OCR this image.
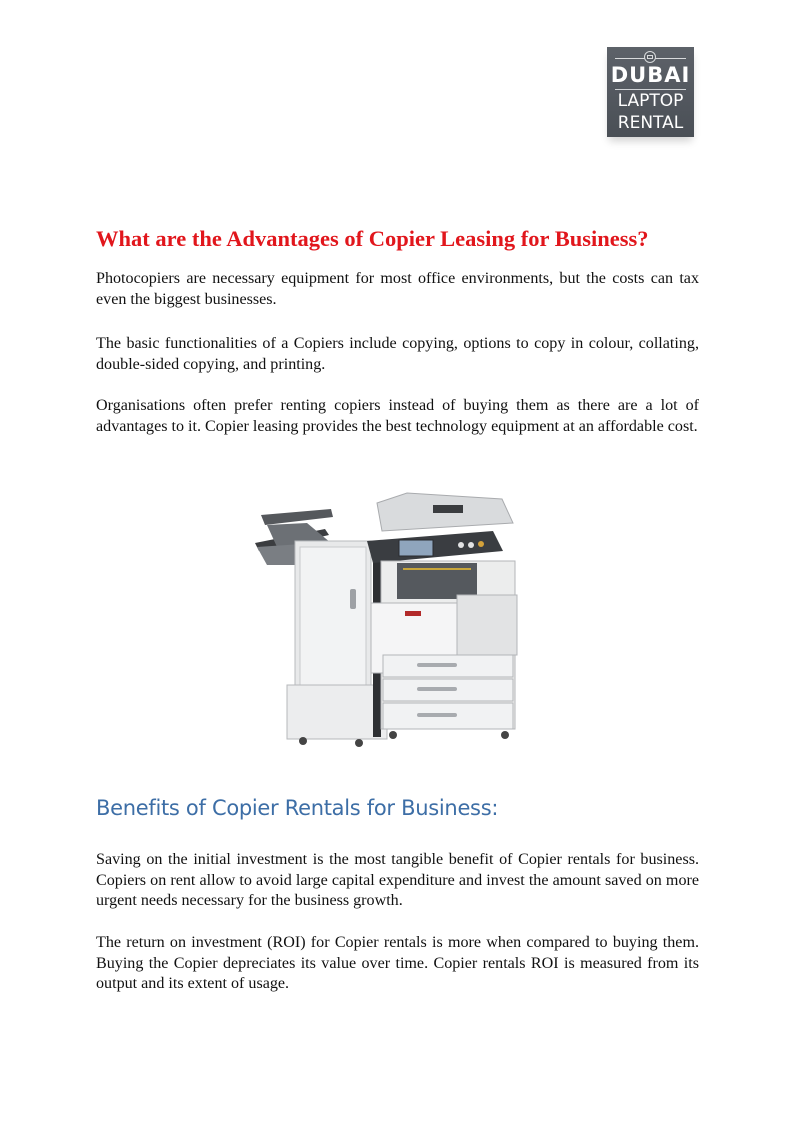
DUBAI
LAPTOP
RENTAL
What are the Advantages of Copier Leasing for Business?

Photocopiers are necessary equipment for most office environments, but the costs can tax even the biggest businesses.

The basic functionalities of a Copiers include copying, options to copy in colour, collating, double-sided copying, and printing.

Organisations often prefer renting copiers instead of buying them as there are a lot of advantages to it. Copier leasing provides the best technology equipment at an affordable cost.

Benefits of Copier Rentals for Business:

Saving on the initial investment is the most tangible benefit of Copier rentals for business. Copiers on rent allow to avoid large capital expenditure and invest the amount saved on more urgent needs necessary for the business growth.

The return on investment (ROI) for Copier rentals is more when compared to buying them. Buying the Copier depreciates its value over time. Copier rentals ROI is measured from its output and its extent of usage.
